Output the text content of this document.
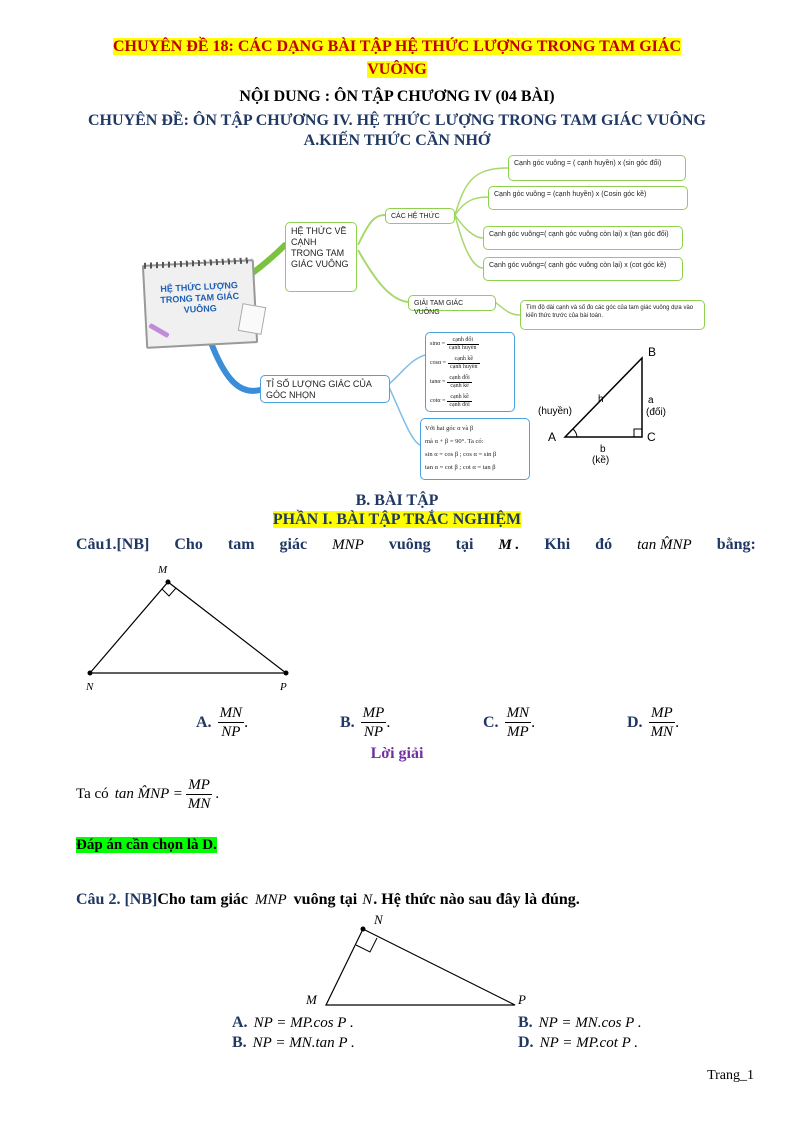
CHUYÊN ĐỀ 18: CÁC DẠNG BÀI TẬP HỆ THỨC LƯỢNG TRONG TAM GIÁC
VUÔNG
NỘI DUNG : ÔN TẬP CHƯƠNG IV (04 BÀI)
CHUYÊN ĐỀ: ÔN TẬP CHƯƠNG IV. HỆ THỨC LƯỢNG TRONG TAM GIÁC VUÔNG
A.KIẾN THỨC CẦN NHỚ
HỆ THỨC LƯỢNG TRONG TAM GIÁC VUÔNG
HỆ THỨC VỀ CẠNH TRONG TAM GIÁC VUÔNG
CÁC HỆ THỨC
GIẢI TAM GIÁC VUÔNG
Cạnh góc vuông = ( cạnh huyền) x (sin góc đối)
Cạnh góc vuông = (cạnh huyền) x (Cosin góc kề)
Cạnh góc vuông=( cạnh góc vuông còn lại) x (tan góc đối)
Cạnh góc vuông=( cạnh góc vuông còn lại) x (cot góc kề)
Tìm độ dài cạnh và số đo các góc của tam giác vuông dựa vào kiến thức trước của bài toán.
TỈ SỐ LƯỢNG GIÁC CỦA GÓC NHỌN
$\sin\alpha = \frac{\text{cạnh đối}}{\text{cạnh huyền}}$
$\cos\alpha = \frac{\text{cạnh kề}}{\text{cạnh huyền}}$
$\tan\alpha = \frac{\text{cạnh đối}}{\text{cạnh kề}}$
$\cot\alpha = \frac{\text{cạnh kề}}{\text{cạnh đối}}$
Với hai góc α và β
mà α + β = 90°. Ta có:
sin α = cos β ; cos α = sin β
tan α = cot β ; cot α = tan β
B
A	C
h
(huyền)
a
(đối)
b
(kề)
B. BÀI TẬP
PHẦN I. BÀI TẬP TRẮC NGHIỆM
Câu1.[NB] Cho tam giác MNP vuông tại M . Khi đó tan M̂NP bằng:
M
N	P
A. $\frac{MN}{NP}$ .	B. $\frac{MP}{NP}$ .	C. $\frac{MN}{MP}$ .	D. $\frac{MP}{MN}$ .
Lời giải
Ta có tan M̂NP = $\frac{MP}{MN}$ .
Đáp án cần chọn là D.
Câu 2. [NB]Cho tam giác MNP vuông tại N. Hệ thức nào sau đây là đúng.
N
M	P
A. NP = MP.cos P .	B. NP = MN.cos P .
B. NP = MN.tan P .	D. NP = MP.cot P .
Trang_1
